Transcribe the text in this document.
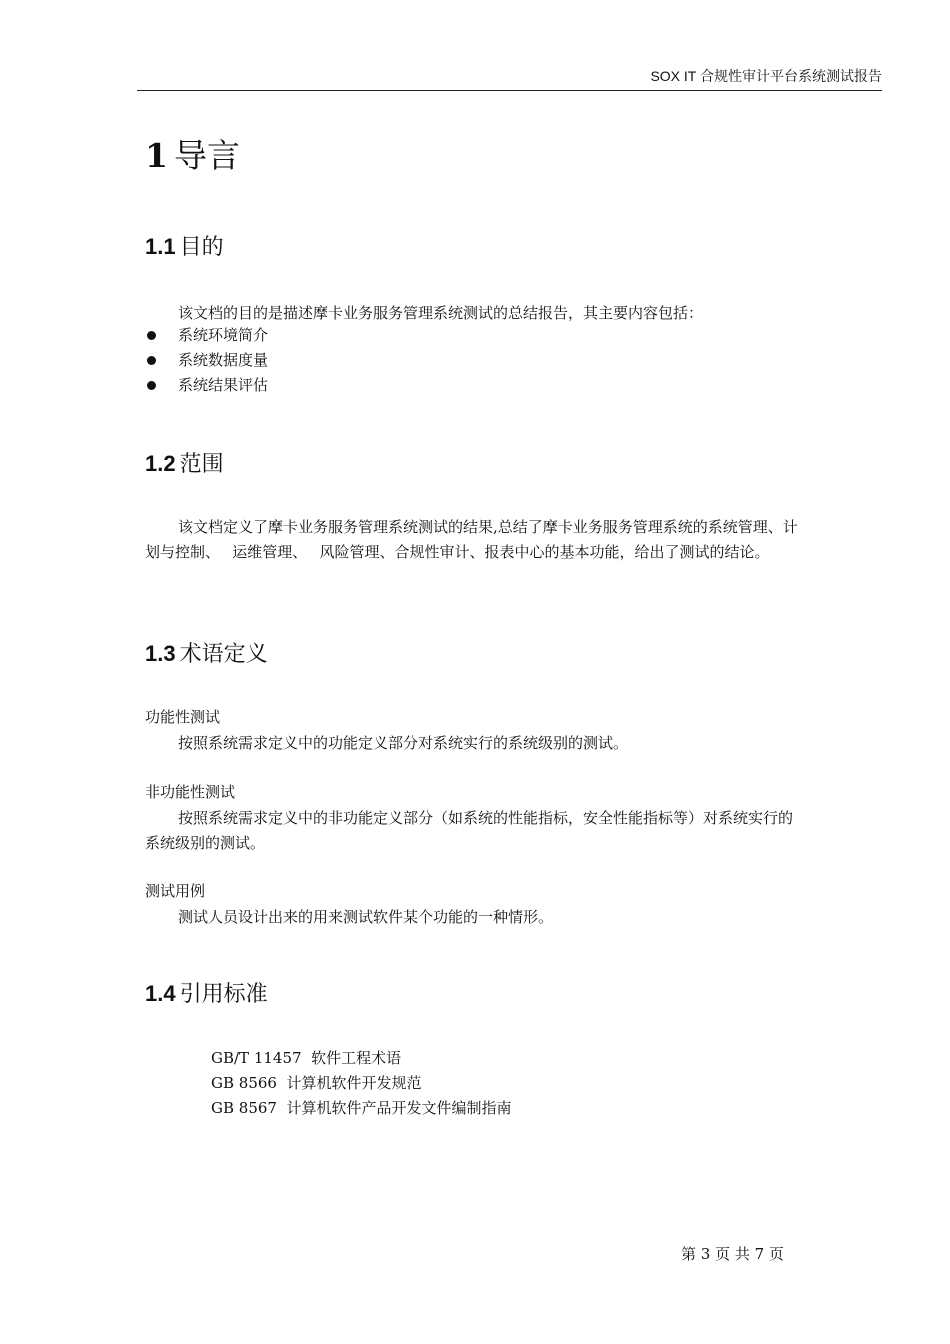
SOX IT 合规性审计平台系统测试报告
1 导言
1.1 目的
该文档的目的是描述摩卡业务服务管理系统测试的总结报告，其主要内容包括：
系统环境简介
系统数据度量
系统结果评估
1.2 范围
该文档定义了摩卡业务服务管理系统测试的结果,总结了摩卡业务服务管理系统的系统管理、计划与控制、　 运维管理、　 风险管理、合规性审计、报表中心的基本功能，给出了测试的结论。
1.3 术语定义
功能性测试
按照系统需求定义中的功能定义部分对系统实行的系统级别的测试。
非功能性测试
按照系统需求定义中的非功能定义部分（如系统的性能指标，安全性能指标等）对系统实行的系统级别的测试。
测试用例
测试人员设计出来的用来测试软件某个功能的一种情形。
1.4 引用标准
GB/T 11457  软件工程术语
GB 8566  计算机软件开发规范
GB 8567  计算机软件产品开发文件编制指南
第 3 页 共 7 页
